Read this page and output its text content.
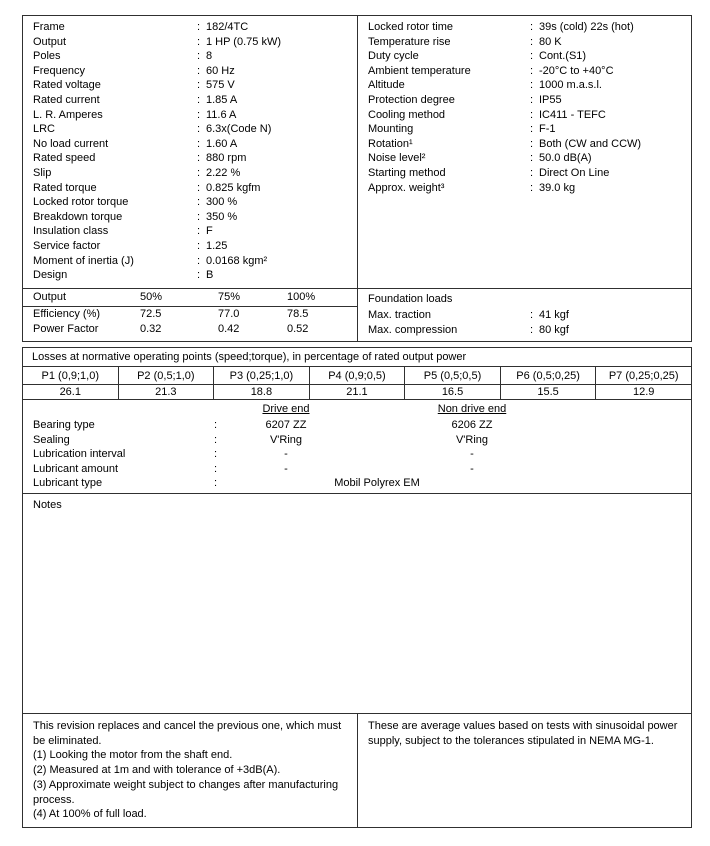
Frame	: 182/4TC
Output	: 1 HP (0.75 kW)
Poles	: 8
Frequency	: 60 Hz
Rated voltage	: 575 V
Rated current	: 1.85 A
L. R. Amperes	: 11.6 A
LRC	: 6.3x(Code N)
No load current	: 1.60 A
Rated speed	: 880 rpm
Slip	: 2.22 %
Rated torque	: 0.825 kgfm
Locked rotor torque	: 300 %
Breakdown torque	: 350 %
Insulation class	: F
Service factor	: 1.25
Moment of inertia (J)	: 0.0168 kgm²
Design	: B
Locked rotor time	: 39s (cold) 22s (hot)
Temperature rise	: 80 K
Duty cycle	: Cont.(S1)
Ambient temperature	: -20°C to +40°C
Altitude	: 1000 m.a.s.l.
Protection degree	: IP55
Cooling method	: IC411 - TEFC
Mounting	: F-1
Rotation¹	: Both (CW and CCW)
Noise level²	: 50.0 dB(A)
Starting method	: Direct On Line
Approx. weight³	: 39.0 kg
Output	50%	75%	100%
Efficiency (%)	72.5	77.0	78.5
Power Factor	0.32	0.42	0.52
Foundation loads
Max. traction	: 41 kgf
Max. compression	: 80 kgf
Losses at normative operating points (speed;torque), in percentage of rated output power						
P1 (0,9;1,0)	P2 (0,5;1,0)	P3 (0,25;1,0)	P4 (0,9;0,5)	P5 (0,5;0,5)	P6 (0,5;0,25)	P7 (0,25;0,25)
26.1	21.3	18.8	21.1	16.5	15.5	12.9
Drive end	Non drive end
Bearing type	:	6207 ZZ	6206 ZZ
Sealing	:	V'Ring	V'Ring
Lubrication interval	:	-	-
Lubricant amount	:	-	-
Lubricant type	:	Mobil Polyrex EM
Notes

This revision replaces and cancel the previous one, which must be eliminated.

(1) Looking the motor from the shaft end.

(2) Measured at 1m and with tolerance of +3dB(A).

(3) Approximate weight subject to changes after manufacturing process.

(4) At 100% of full load.

These are average values based on tests with sinusoidal power supply, subject to the tolerances stipulated in NEMA MG-1.
